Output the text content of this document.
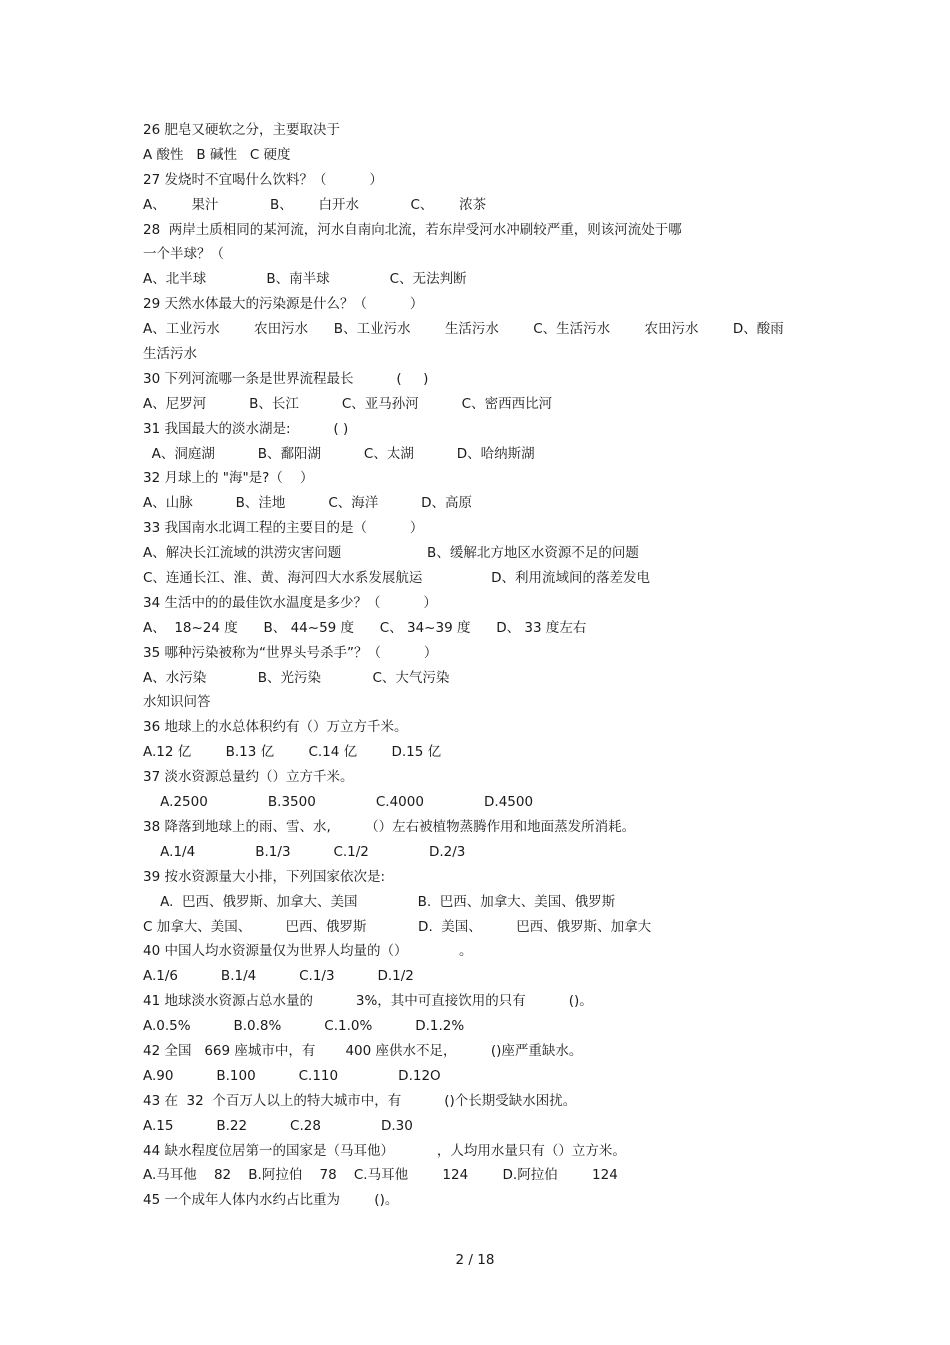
26 肥皂又硬软之分，主要取决于
A 酸性   B 碱性   C 硬度
27 发烧时不宜喝什么饮料？（          ）
A、      果汁            B、      白开水            C、      浓茶
28  两岸土质相同的某河流，河水自南向北流，若东岸受河水冲刷较严重，则该河流处于哪
一个半球？（
A、北半球              B、南半球              C、无法判断
29 天然水体最大的污染源是什么？（          ）
A、工业污水        农田污水      B、工业污水        生活污水        C、生活污水        农田污水        D、酸雨
生活污水
30 下列河流哪一条是世界流程最长          (     )
A、尼罗河          B、长江          C、亚马孙河          C、密西西比河
31 我国最大的淡水湖是:          ( )
A、洞庭湖          B、鄱阳湖          C、太湖          D、哈纳斯湖
32 月球上的 "海"是?（    ）
A、山脉          B、洼地          C、海洋          D、高原
33 我国南水北调工程的主要目的是（          ）
A、解决长江流域的洪涝灾害问题                    B、缓解北方地区水资源不足的问题
C、连通长江、淮、黄、海河四大水系发展航运                D、利用流域间的落差发电
34 生活中的的最佳饮水温度是多少？（          ）
A、  18~24 度      B、 44~59 度      C、 34~39 度      D、 33 度左右
35 哪种污染被称为“世界头号杀手”？（          ）
A、水污染            B、光污染            C、大气污染
水知识问答
36 地球上的水总体积约有（）万立方千米。
A.12 亿        B.13 亿        C.14 亿        D.15 亿
37 淡水资源总量约（）立方千米。
A.2500              B.3500              C.4000              D.4500
38 降落到地球上的雨、雪、水,        （）左右被植物蒸腾作用和地面蒸发所消耗。
A.1/4              B.1/3          C.1/2              D.2/3
39 按水资源量大小排，下列国家依次是:
A.  巴西、俄罗斯、加拿大、美国              B.  巴西、加拿大、美国、俄罗斯
C 加拿大、美国、        巴西、俄罗斯            D.  美国、        巴西、俄罗斯、加拿大
40 中国人均水资源量仅为世界人均量的（）            。
A.1/6          B.1/4          C.1/3          D.1/2
41 地球淡水资源占总水量的          3%，其中可直接饮用的只有          ()。
A.0.5%          B.0.8%          C.1.0%          D.1.2%
42 全国   669 座城市中，有       400 座供水不足，        ()座严重缺水。
A.90          B.100          C.110              D.12O
43 在  32  个百万人以上的特大城市中，有          ()个长期受缺水困扰。
A.15          B.22          C.28              D.30
44 缺水程度位居第一的国家是（马耳他）          ，人均用水量只有（）立方米。
A.马耳他    82    B.阿拉伯    78    C.马耳他        124        D.阿拉伯        124
45 一个成年人体内水约占比重为        ()。
2 / 18
